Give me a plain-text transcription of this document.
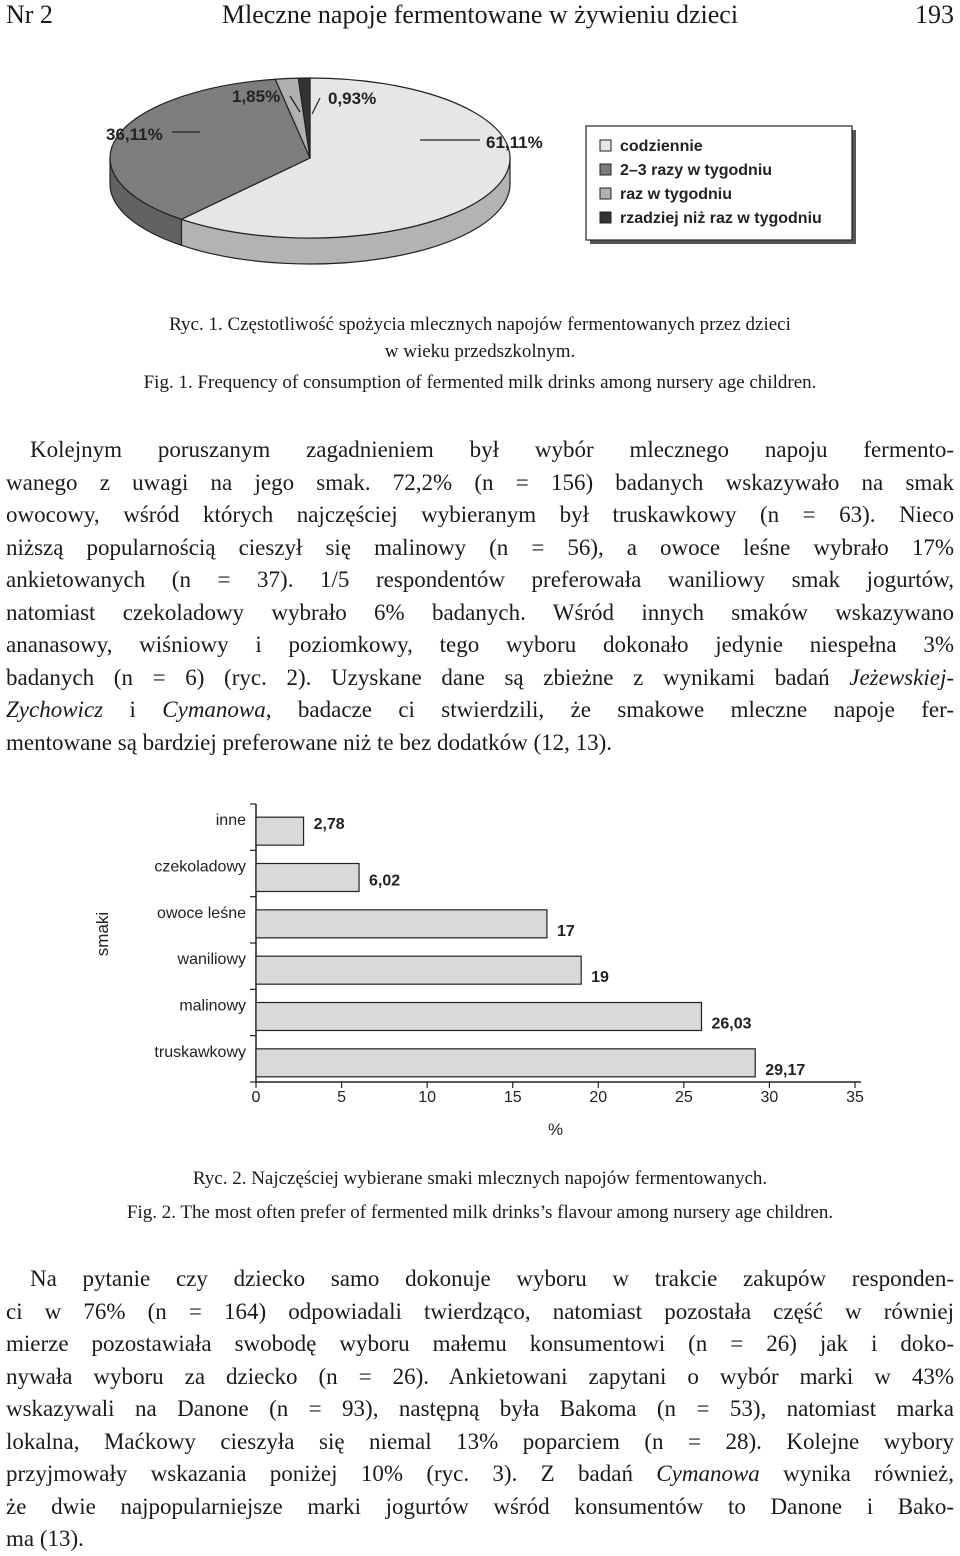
Nr 2	Mleczne napoje fermentowane w żywieniu dzieci	193
61,11%
36,11%
1,85%	0,93%
codziennie
2–3 razy w tygodniu
raz w tygodniu
rzadziej niż raz w tygodniu
Ryc. 1. Częstotliwość spożycia mlecznych napojów fermentowanych przez dzieci
w wieku przedszkolnym.
Fig. 1. Frequency of consumption of fermented milk drinks among nursery age children.
Kolejnym poruszanym zagadnieniem był wybór mlecznego napoju fermento-
wanego z uwagi na jego smak. 72,2% (n = 156) badanych wskazywało na smak
owocowy, wśród których najczęściej wybieranym był truskawkowy (n = 63). Nieco
niższą popularnością cieszył się malinowy (n = 56), a owoce leśne wybrało 17%
ankietowanych (n = 37). 1/5 respondentów preferowała waniliowy smak jogurtów,
natomiast czekoladowy wybrało 6% badanych. Wśród innych smaków wskazywano
ananasowy, wiśniowy i poziomkowy, tego wyboru dokonało jedynie niespełna 3%
badanych (n = 6) (ryc. 2). Uzyskane dane są zbieżne z wynikami badań Jeżewskiej-
Zychowicz i Cymanowa, badacze ci stwierdzili, że smakowe mleczne napoje fer-
mentowane są bardziej preferowane niż te bez dodatków (12, 13).
inne	2,78
czekoladowy
6,02
owoce leśne
17
waniliowy
19
malinowy
26,03
truskawkowy
29,17
0	5	10	15	20	25	30	35
%
smaki
Ryc. 2. Najczęściej wybierane smaki mlecznych napojów fermentowanych.
Fig. 2. The most often prefer of fermented milk drinks’s flavour among nursery age children.
Na pytanie czy dziecko samo dokonuje wyboru w trakcie zakupów responden-
ci w 76% (n = 164) odpowiadali twierdząco, natomiast pozostała część w równiej
mierze pozostawiała swobodę wyboru małemu konsumentowi (n = 26) jak i doko-
nywała wyboru za dziecko (n = 26). Ankietowani zapytani o wybór marki w 43%
wskazywali na Danone (n = 93), następną była Bakoma (n = 53), natomiast marka
lokalna, Maćkowy cieszyła się niemal 13% poparciem (n = 28). Kolejne wybory
przyjmowały wskazania poniżej 10% (ryc. 3). Z badań Cymanowa wynika również,
że dwie najpopularniejsze marki jogurtów wśród konsumentów to Danone i Bako-
ma (13).
